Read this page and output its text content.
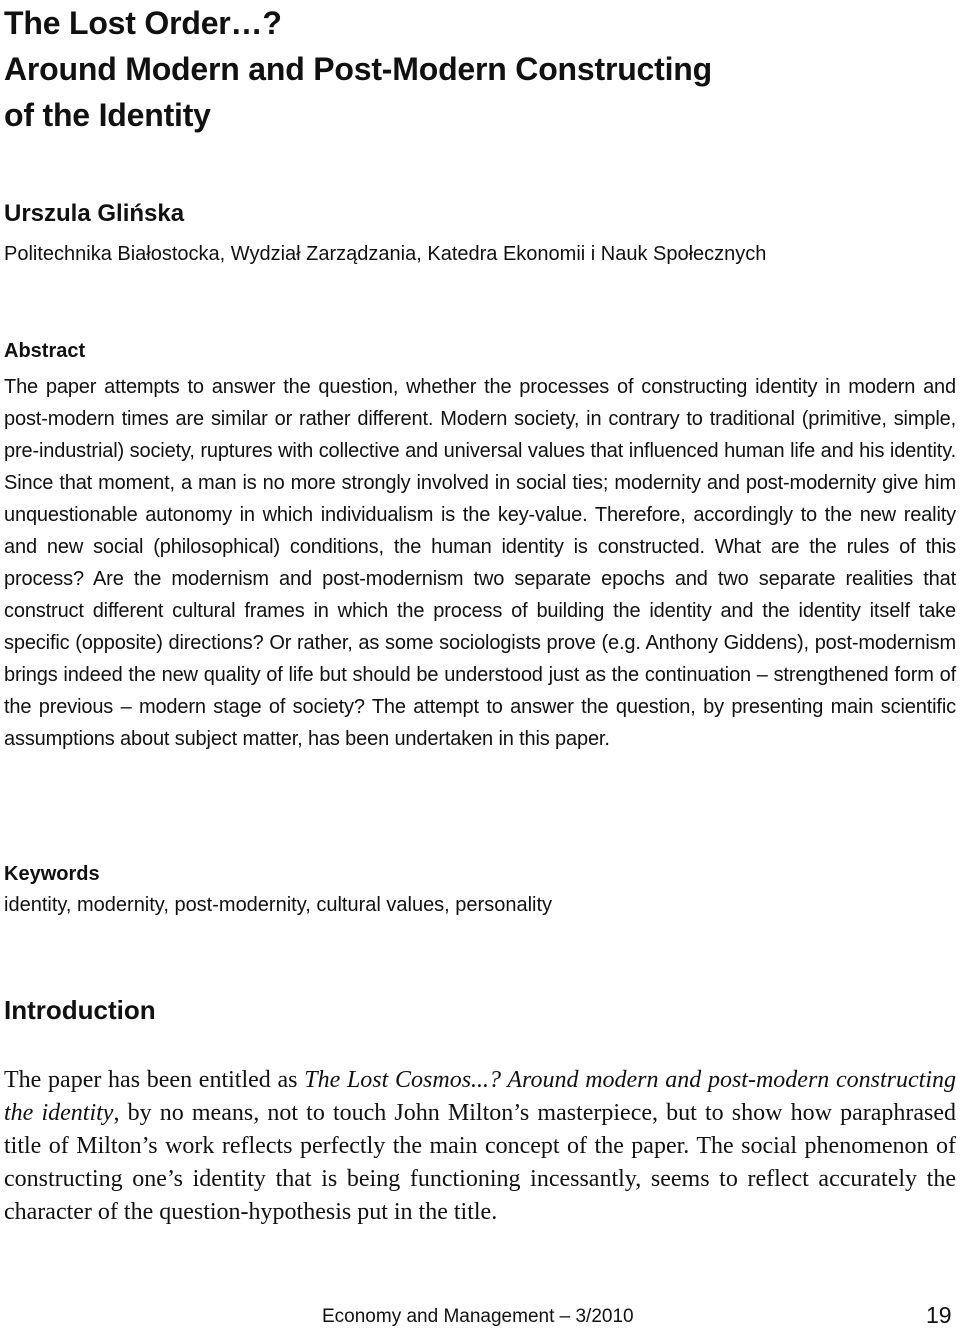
The Lost Order…?
Around Modern and Post-Modern Constructing
of the Identity

Urszula Glińska

Politechnika Białostocka, Wydział Zarządzania, Katedra Ekonomii i Nauk Społecznych

Abstract

The paper attempts to answer the question, whether the processes of constructing identity in modern and post-modern times are similar or rather different. Modern society, in contrary to traditional (primitive, simple, pre-industrial) society, ruptures with collective and universal values that influenced human life and his identity. Since that moment, a man is no more strongly involved in social ties; modernity and post-modernity give him unquestionable autonomy in which individualism is the key-value. Therefore, accordingly to the new reality and new social (philosophical) conditions, the human identity is constructed. What are the rules of this process? Are the modernism and post-modernism two separate epochs and two separate realities that construct different cultural frames in which the process of building the identity and the identity itself take specific (opposite) directions? Or rather, as some sociologists prove (e.g. Anthony Giddens), post-modernism brings indeed the new quality of life but should be understood just as the continuation – strengthened form of the previous – modern stage of society? The attempt to answer the question, by presenting main scientific assumptions about subject matter, has been undertaken in this paper.

Keywords

identity, modernity, post-modernity, cultural values, personality

Introduction

The paper has been entitled as The Lost Cosmos...? Around modern and post-modern constructing the identity, by no means, not to touch John Milton’s masterpiece, but to show how paraphrased title of Milton’s work reflects perfectly the main concept of the paper. The social phenomenon of constructing one’s identity that is being functioning incessantly, seems to reflect accurately the character of the question-hypothesis put in the title.

Economy and Management – 3/2010	19
